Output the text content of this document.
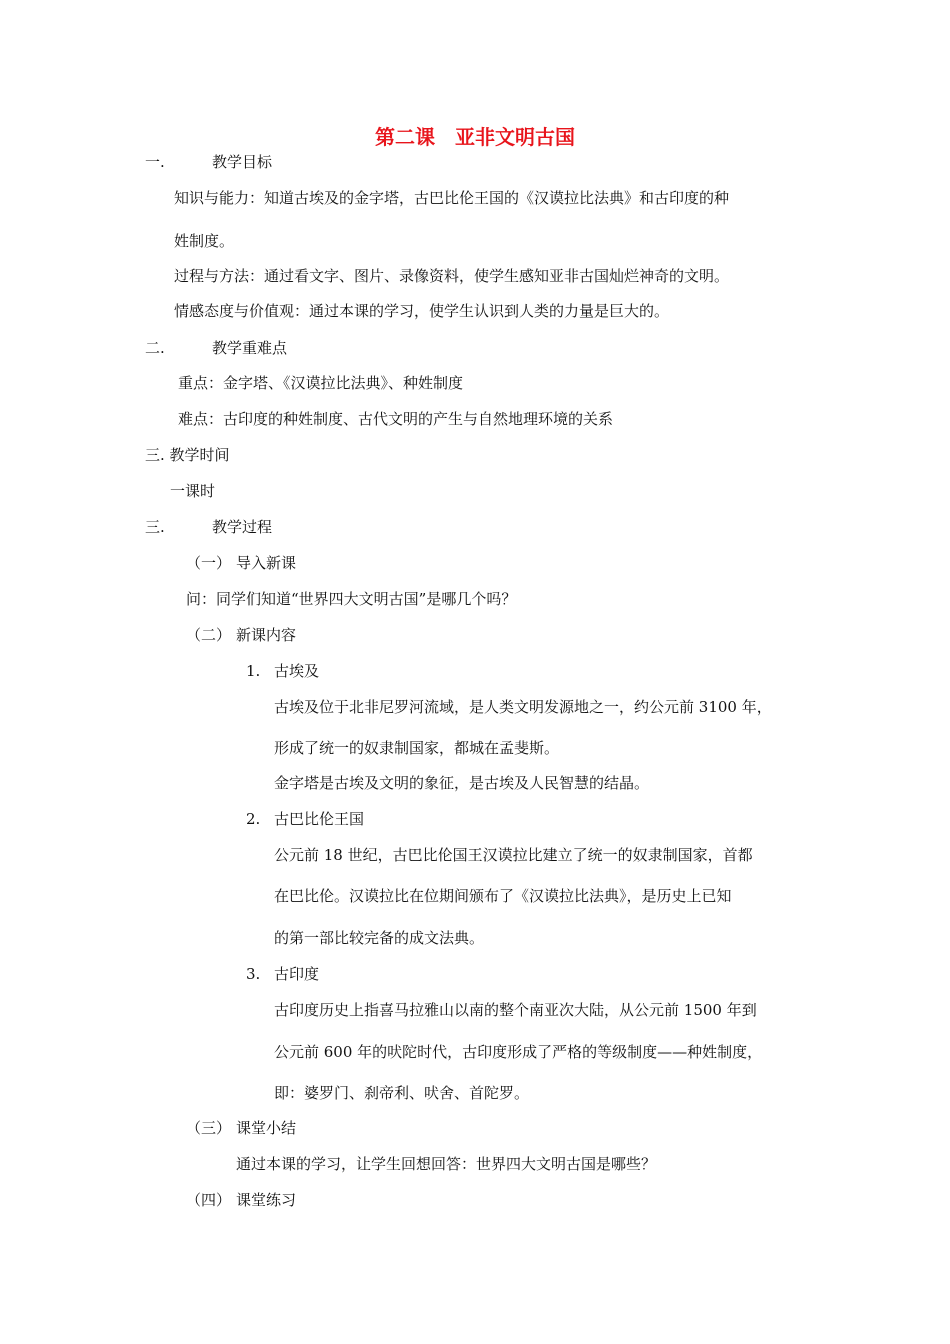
第二课　亚非文明古国
一.	教学目标
知识与能力：知道古埃及的金字塔，古巴比伦王国的《汉谟拉比法典》和古印度的种
姓制度。
过程与方法：通过看文字、图片、录像资料，使学生感知亚非古国灿烂神奇的文明。
情感态度与价值观：通过本课的学习，使学生认识到人类的力量是巨大的。
二.	教学重难点
重点：金字塔、《汉谟拉比法典》、种姓制度
难点：古印度的种姓制度、古代文明的产生与自然地理环境的关系
三. 教学时间
一课时
三.	教学过程
（一） 导入新课
问：同学们知道“世界四大文明古国”是哪几个吗？
（二） 新课内容
1. 古埃及
古埃及位于北非尼罗河流域，是人类文明发源地之一，约公元前 3100 年，
形成了统一的奴隶制国家，都城在孟斐斯。
金字塔是古埃及文明的象征，是古埃及人民智慧的结晶。
2. 古巴比伦王国
公元前 18 世纪，古巴比伦国王汉谟拉比建立了统一的奴隶制国家，首都
在巴比伦。汉谟拉比在位期间颁布了《汉谟拉比法典》，是历史上已知
的第一部比较完备的成文法典。
3. 古印度
古印度历史上指喜马拉雅山以南的整个南亚次大陆，从公元前 1500 年到
公元前 600 年的吠陀时代，古印度形成了严格的等级制度——种姓制度，
即：婆罗门、刹帝利、吠舍、首陀罗。
（三） 课堂小结
通过本课的学习，让学生回想回答：世界四大文明古国是哪些？
（四） 课堂练习
